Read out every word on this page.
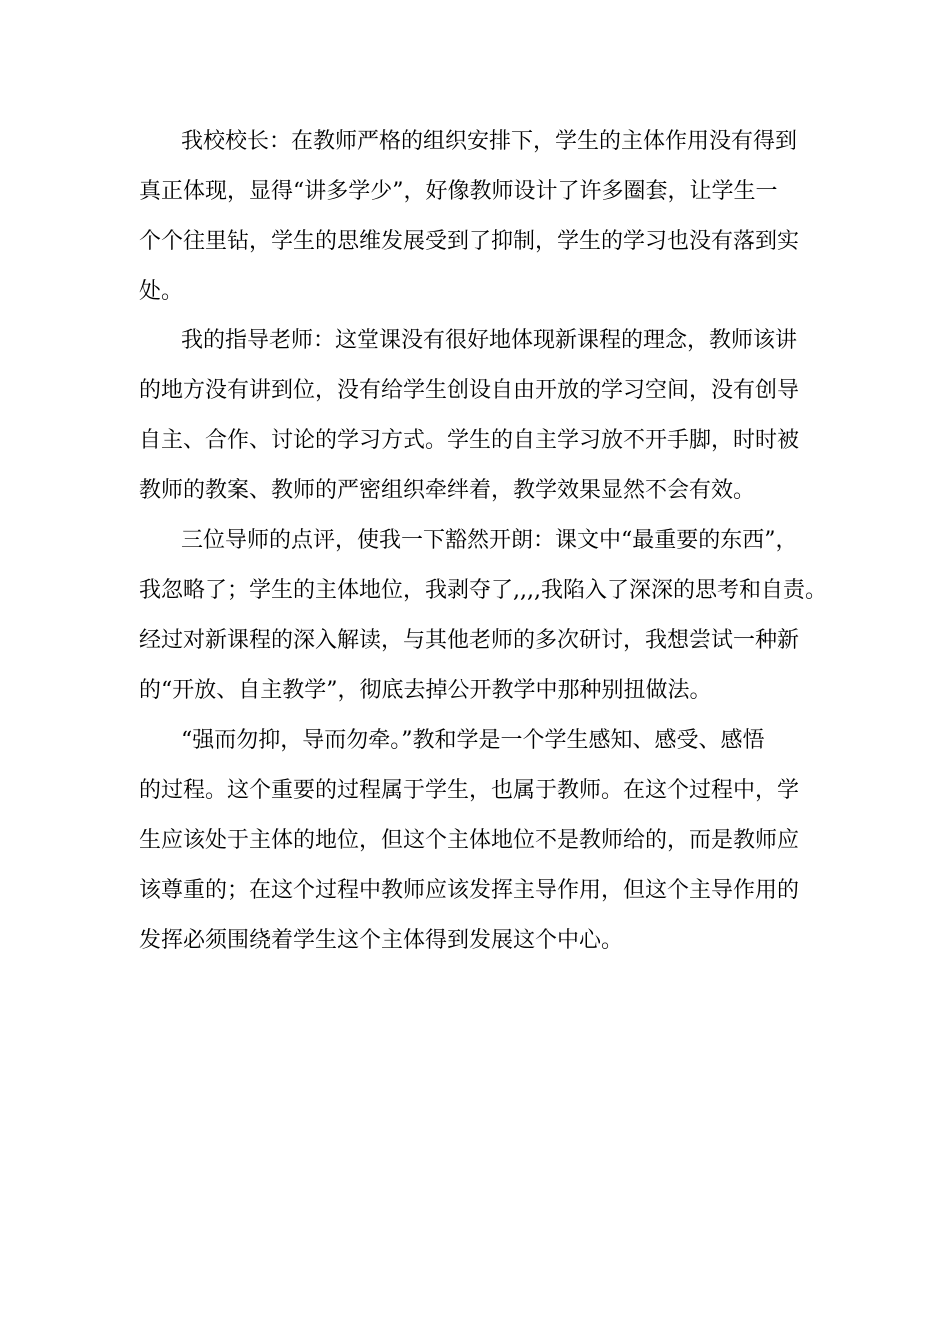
我校校长：在教师严格的组织安排下，学生的主体作用没有得到
真正体现，显得“讲多学少”，好像教师设计了许多圈套，让学生一
个个往里钻，学生的思维发展受到了抑制，学生的学习也没有落到实
处。
我的指导老师：这堂课没有很好地体现新课程的理念，教师该讲
的地方没有讲到位，没有给学生创设自由开放的学习空间，没有创导
自主、合作、讨论的学习方式。学生的自主学习放不开手脚，时时被
教师的教案、教师的严密组织牵绊着，教学效果显然不会有效。
三位导师的点评，使我一下豁然开朗：课文中“最重要的东西”，
我忽略了；学生的主体地位，我剥夺了,,,,我陷入了深深的思考和自责。
经过对新课程的深入解读，与其他老师的多次研讨，我想尝试一种新
的“开放、自主教学”，彻底去掉公开教学中那种别扭做法。
“强而勿抑，导而勿牵。”教和学是一个学生感知、感受、感悟
的过程。这个重要的过程属于学生，也属于教师。在这个过程中，学
生应该处于主体的地位，但这个主体地位不是教师给的，而是教师应
该尊重的；在这个过程中教师应该发挥主导作用，但这个主导作用的
发挥必须围绕着学生这个主体得到发展这个中心。
